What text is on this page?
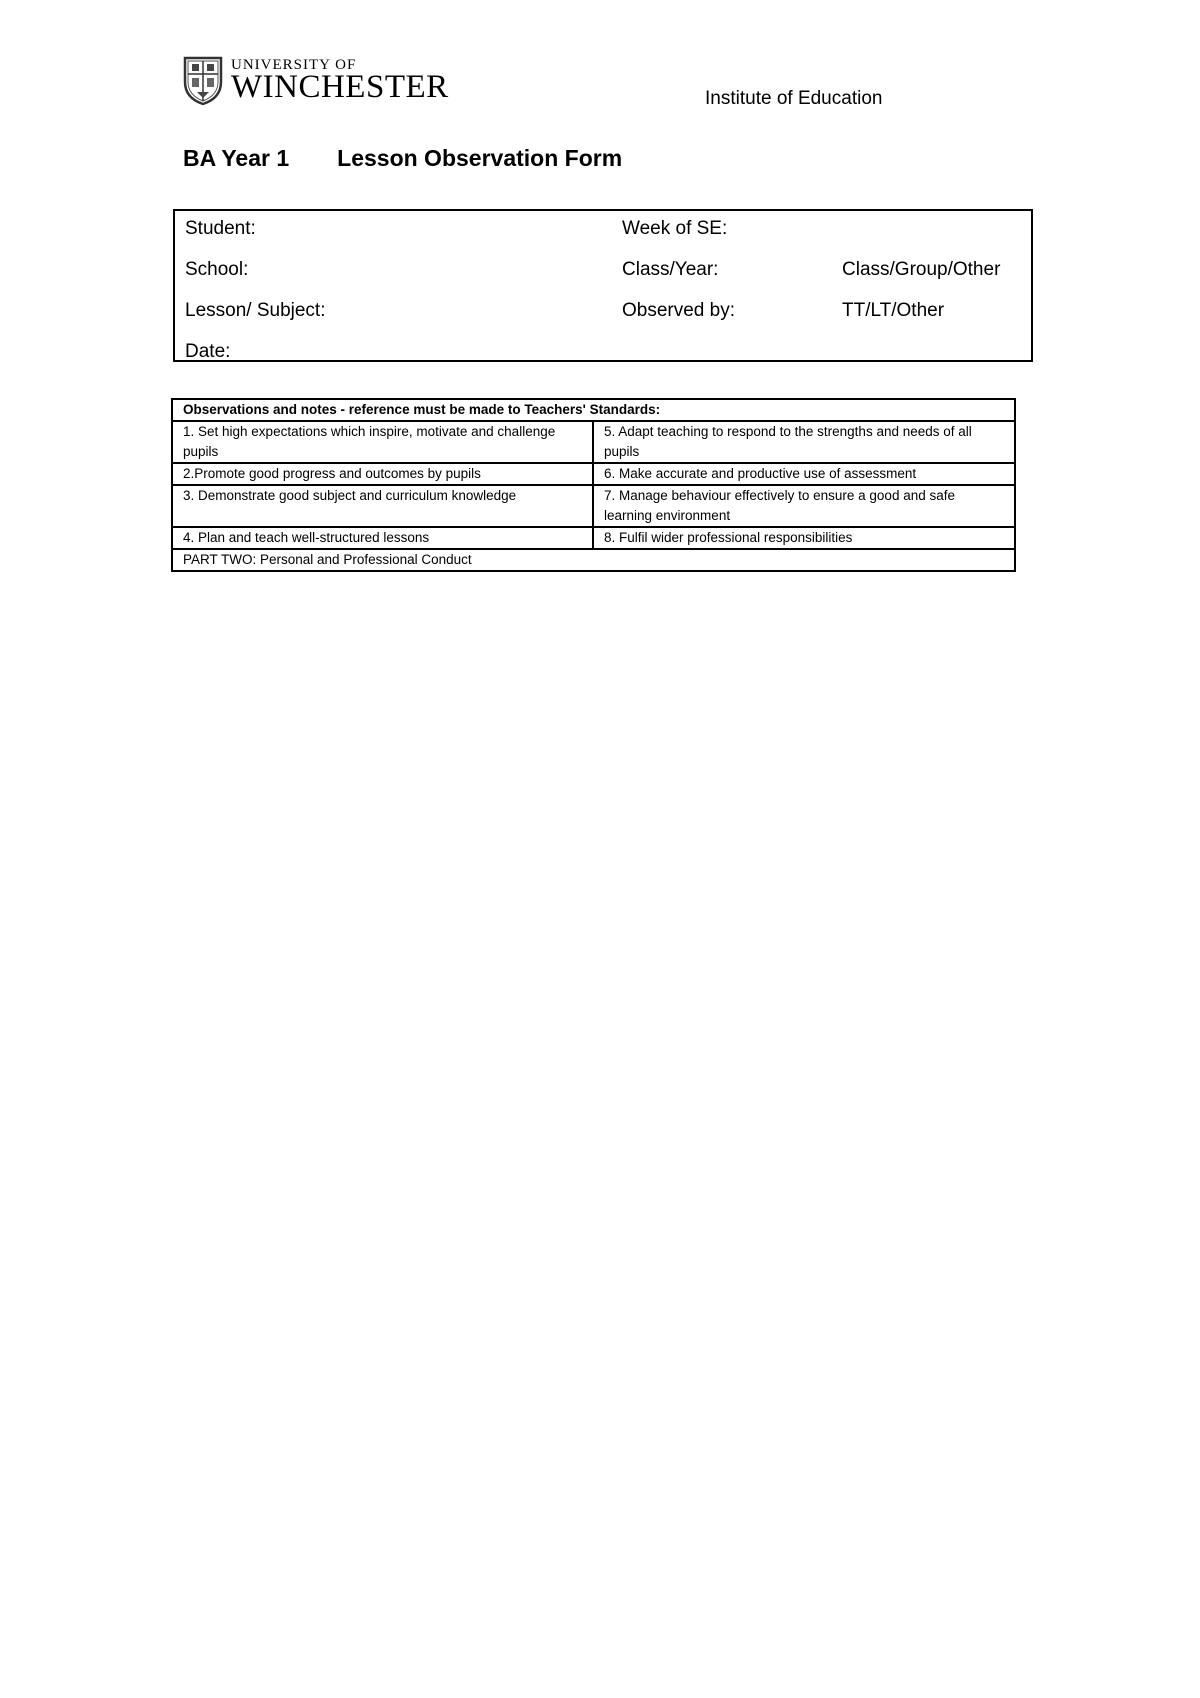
UNIVERSITY OF
WINCHESTER	Institute of Education
BA Year 1 Lesson Observation Form
Student:	Week of SE:
School:	Class/Year:	Class/Group/Other
Lesson/ Subject:	Observed by:	TT/LT/Other
Date:
Observations and notes - reference must be made to Teachers' Standards:	
1. Set high expectations which inspire, motivate and challenge pupils	5. Adapt teaching to respond to the strengths and needs of all pupils
2.Promote good progress and outcomes by pupils	6. Make accurate and productive use of assessment
3. Demonstrate good subject and curriculum knowledge	7. Manage behaviour effectively to ensure a good and safe learning environment
4. Plan and teach well-structured lessons	8. Fulfil wider professional responsibilities
PART TWO: Personal and Professional Conduct	
